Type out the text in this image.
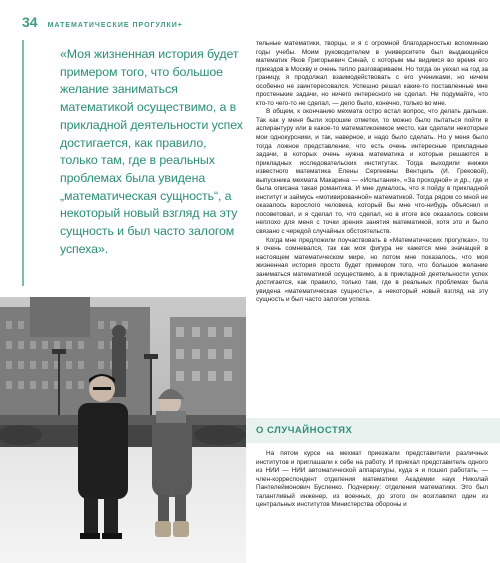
34 МАТЕМАТИЧЕСКИЕ ПРОГУЛКИ+

«Моя жизненная история будет примером того, что большое желание заниматься математикой осуществимо, а в прикладной деятельности успех достигается, как правило, только там, где в реальных проблемах была увидена „математическая сущность“, а некоторый новый взгляд на эту сущность и был часто залогом успеха».

тельные математики, творцы, и я с огромной благодарностью вспоминаю годы учебы. Моим руководителем в университете был выдающийся математик Яков Григорьевич Синай, с которым мы видимся во время его приездов в Москву и очень тепло разговариваем. Но тогда он уехал на год за границу, я продолжал взаимодействовать с его учениками, но ничем особенно не заинтересовался. Успешно решал какие-то поставленные мне простенькие задачи, но ничего интересного не сделал. Не подумайте, что кто-то чего-то не сделал, — дело было, конечно, только во мне.

В общем, к окончанию мехмата остро встал вопрос, что делать дальше. Так как у меня были хорошие отметки, то можно было пытаться пойти в аспирантуру или в какое-то математикоемкое место, как сделали некоторые мои однокурсники, и так, наверное, и надо было сделать. Но у меня было тогда ложное представление, что есть очень интересные прикладные задачи, в которых очень нужна математика и которые решаются в прикладных исследовательских институтах. Тогда выходили книжки известного математика Елены Сергеевны Вентцель (И. Грековой), выпускника мехмата Макарина — «Испытания», «За проходной» и др., где и была описана такая романтика. И мне думалось, что я пойду в прикладной институт и займусь «мотивированной» математикой. Тогда рядом со мной не оказалось взрослого человека, который бы мне что-нибудь объяснил и посоветовал, и я сделал то, что сделал, но в итоге все оказалось совсем неплохо для меня с точки зрения занятия математикой, хотя это и было связано с чередой случайных обстоятельств.

Когда мне предложили поучаствовать в «Математических прогулках», то я очень сомневался, так как моя фигура не кажется мне значащей в настоящем математическом мире, но потом мне показалось, что моя жизненная история просто будет примером того, что большое желание заниматься математикой осуществимо, а в прикладной деятельности успех достигается, как правило, только там, где в реальных проблемах была увидена «математическая сущность», а некоторый новый взгляд на эту сущность и был часто залогом успеха.

О СЛУЧАЙНОСТЯХ

На пятом курсе на мехмат приезжали представители различных институтов и приглашали к себе на работу. И приехал представитель одного из НИИ — НИИ автоматической аппаратуры, куда я и пошел работать, — член-корреспондент отделения математики Академии наук Николай Пантелеймонович Бусленко. Подчеркну: отделения математики. Это был талантливый инженер, из военных, до этого он возглавлял один из центральных институтов Министерства обороны и
